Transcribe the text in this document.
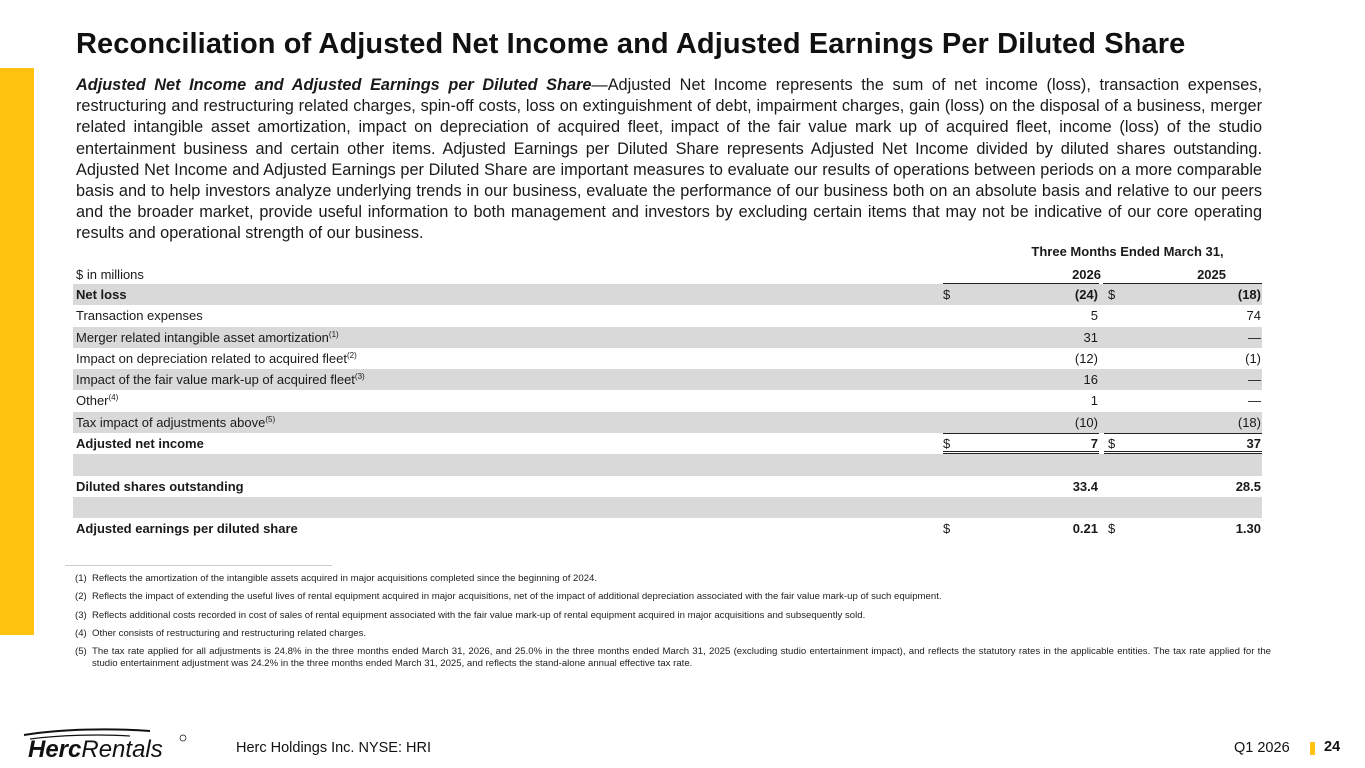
Reconciliation of Adjusted Net Income and Adjusted Earnings Per Diluted Share
Adjusted Net Income and Adjusted Earnings per Diluted Share—Adjusted Net Income represents the sum of net income (loss), transaction expenses, restructuring and restructuring related charges, spin-off costs, loss on extinguishment of debt, impairment charges, gain (loss) on the disposal of a business, merger related intangible asset amortization, impact on depreciation of acquired fleet, impact of the fair value mark up of acquired fleet, income (loss) of the studio entertainment business and certain other items. Adjusted Earnings per Diluted Share represents Adjusted Net Income divided by diluted shares outstanding. Adjusted Net Income and Adjusted Earnings per Diluted Share are important measures to evaluate our results of operations between periods on a more comparable basis and to help investors analyze underlying trends in our business, evaluate the performance of our business both on an absolute basis and relative to our peers and the broader market, provide useful information to both management and investors by excluding certain items that may not be indicative of our core operating results and operational strength of our business.
Three Months Ended March 31,
$ in millions	2026	2025
Net loss	$	(24) $	(18)
Transaction expenses	5	74
Merger related intangible asset amortization$^{(1)}$	31	—
Impact on depreciation related to acquired fleet$^{(2)}$	(12)	(1)
Impact of the fair value mark-up of acquired fleet$^{(3)}$	16	—
Other$^{(4)}$	1	—
Tax impact of adjustments above$^{(5)}$	(10)	(18)
Adjusted net income	$	7 $	37
Diluted shares outstanding	33.4	28.5
Adjusted earnings per diluted share	$	0.21 $	1.30
(1) Reflects the amortization of the intangible assets acquired in major acquisitions completed since the beginning of 2024.
(2) Reflects the impact of extending the useful lives of rental equipment acquired in major acquisitions, net of the impact of additional depreciation associated with the fair value mark-up of such equipment.
(3) Reflects additional costs recorded in cost of sales of rental equipment associated with the fair value mark-up of rental equipment acquired in major acquisitions and subsequently sold.
(4) Other consists of restructuring and restructuring related charges.
(5) The tax rate applied for all adjustments is 24.8% in the three months ended March 31, 2026, and 25.0% in the three months ended March 31, 2025 (excluding studio entertainment impact), and reflects the statutory rates in the applicable entities. The tax rate applied for the studio entertainment adjustment was 24.2% in the three months ended March 31, 2025, and reflects the stand-alone annual effective tax rate.
HercRentals	Herc Holdings Inc. NYSE: HRI	Q1 2026 24
